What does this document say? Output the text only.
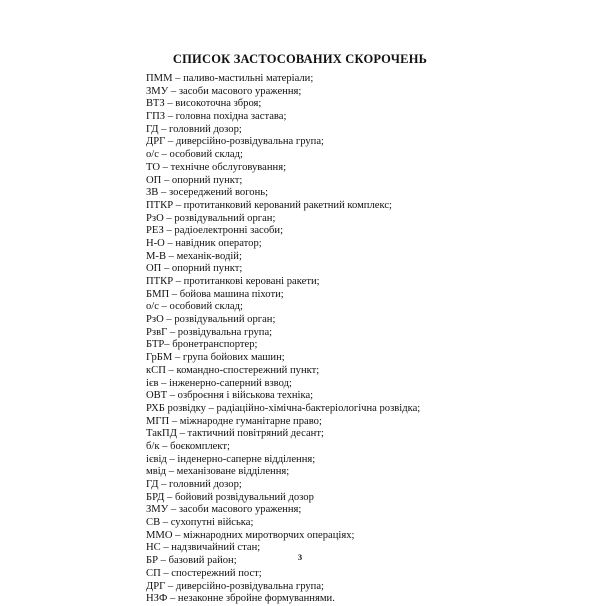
СПИСОК ЗАСТОСОВАНИХ СКОРОЧЕНЬ
ПММ – паливо-мастильні матеріали;
ЗМУ – засоби масового ураження;
ВТЗ – високоточна зброя;
ГПЗ – головна похідна застава;
ГД – головний дозор;
ДРГ – диверсійно-розвідувальна група;
о/с – особовий склад;
ТО – технічне обслуговування;
ОП – опорний пункт;
ЗВ – зосереджений вогонь;
ПТКР – протитанковий керований ракетний комплекс;
РзО – розвідувальний орган;
РЕЗ – радіоелектронні засоби;
Н-О – навідник оператор;
М-В – механік-водій;
ОП – опорний пункт;
ПТКР – протитанкові керовані ракети;
БМП – бойова машина піхоти;
о/с – особовий склад;
РзО – розвідувальний орган;
РзвГ – розвідувальна група;
БТР– бронетранспортер;
ГрБМ – група бойових машин;
кСП – командно-спостережний пункт;
ієв – інженерно-саперний взвод;
ОВТ – озброєння і військова техніка;
РХБ розвідку – радіаційно-хімічна-бактеріологічна розвідка;
МГП – міжнародне гуманітарне право;
ТакПД – тактичний повітряний десант;
б/к – боєкомплект;
ієвід – інденерно-саперне відділення;
мвід – механізоване відділення;
ГД – головний дозор;
БРД – бойовий розвідувальний дозор
ЗМУ – засоби масового ураження;
СВ – сухопутні війська;
ММО – міжнародних миротворчих операціях;
НС – надзвичайний стан;
БР – базовий район;
СП – спостережний пост;
ДРГ – диверсійно-розвідувальна група;
НЗФ – незаконне збройне формуваннями.
3
